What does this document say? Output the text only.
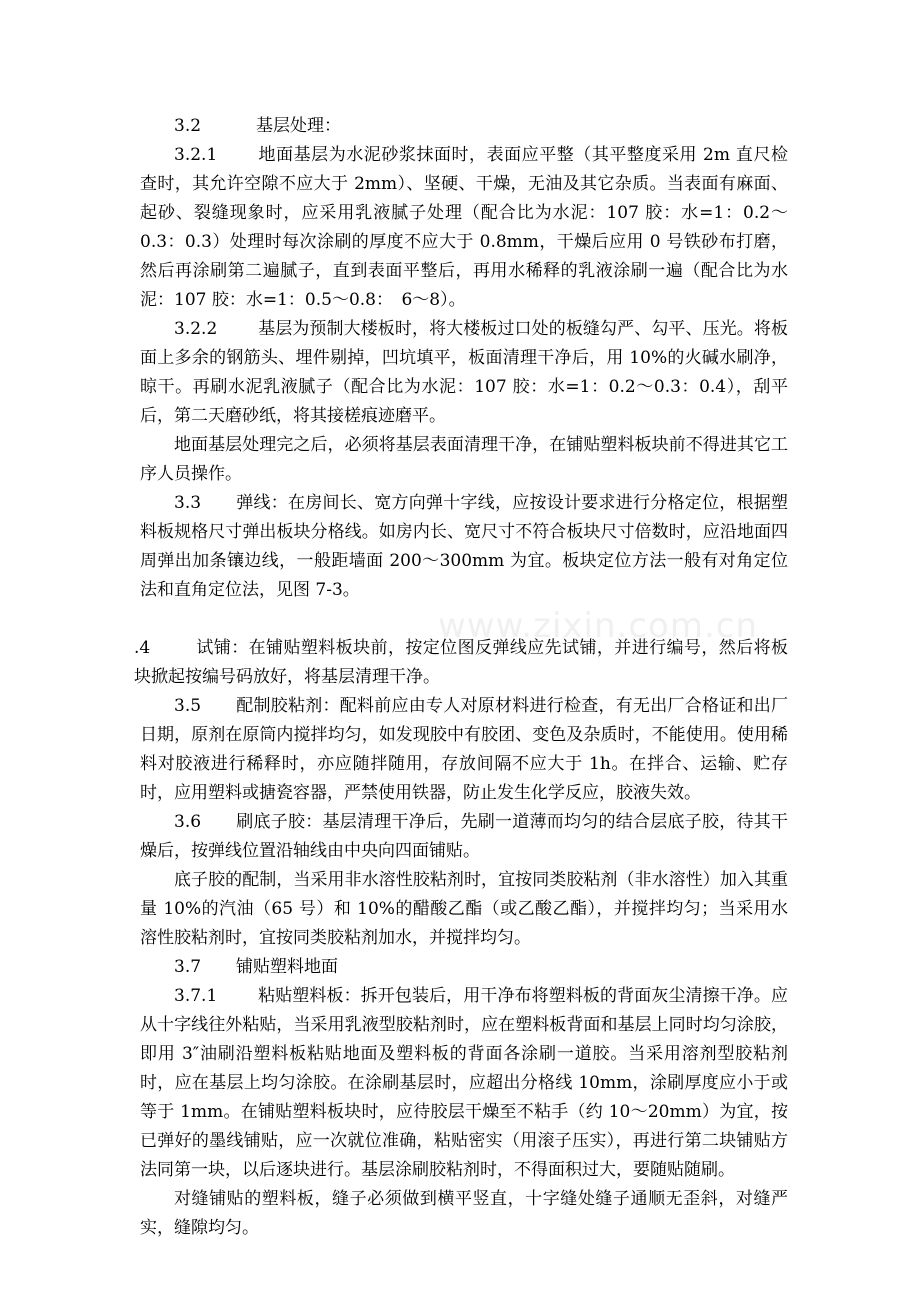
www.zixin.com.cn

3.2	基层处理：

3.2.1 地面基层为水泥砂浆抹面时，表面应平整（其平整度采用 2m 直尺检查时，其允许空隙不应大于 2mm）、坚硬、干燥，无油及其它杂质。当表面有麻面、起砂、裂缝现象时，应采用乳液腻子处理（配合比为水泥：107 胶：水=1：0.2～0.3：0.3）处理时每次涂刷的厚度不应大于 0.8mm，干燥后应用 0 号铁砂布打磨，然后再涂刷第二遍腻子，直到表面平整后，再用水稀释的乳液涂刷一遍（配合比为水泥：107 胶：水=1：0.5～0.8：　6～8）。

3.2.2 基层为预制大楼板时，将大楼板过口处的板缝勾严、勾平、压光。将板面上多余的钢筋头、埋件剔掉，凹坑填平，板面清理干净后，用 10%的火碱水刷净，晾干。再刷水泥乳液腻子（配合比为水泥：107 胶：水=1：0.2～0.3：0.4），刮平后，第二天磨砂纸，将其接槎痕迹磨平。

地面基层处理完之后，必须将基层表面清理干净，在铺贴塑料板块前不得进其它工序人员操作。

3.3 弹线：在房间长、宽方向弹十字线，应按设计要求进行分格定位，根据塑料板规格尺寸弹出板块分格线。如房内长、宽尺寸不符合板块尺寸倍数时，应沿地面四周弹出加条镶边线，一般距墙面 200～300mm 为宜。板块定位方法一般有对角定位法和直角定位法，见图 7-3。

.4	试铺：在铺贴塑料板块前，按定位图反弹线应先试铺，并进行编号，然后将板块掀起按编号码放好，将基层清理干净。

3.5 配制胶粘剂：配料前应由专人对原材料进行检查，有无出厂合格证和出厂日期，原剂在原筒内搅拌均匀，如发现胶中有胶团、变色及杂质时，不能使用。使用稀料对胶液进行稀释时，亦应随拌随用，存放间隔不应大于 1h。在拌合、运输、贮存时，应用塑料或搪瓷容器，严禁使用铁器，防止发生化学反应，胶液失效。

3.6 刷底子胶：基层清理干净后，先刷一道薄而均匀的结合层底子胶，待其干燥后，按弹线位置沿轴线由中央向四面铺贴。

底子胶的配制，当采用非水溶性胶粘剂时，宜按同类胶粘剂（非水溶性）加入其重量 10%的汽油（65 号）和 10%的醋酸乙酯（或乙酸乙酯），并搅拌均匀；当采用水溶性胶粘剂时，宜按同类胶粘剂加水，并搅拌均匀。

3.7 铺贴塑料地面

3.7.1 粘贴塑料板：拆开包装后，用干净布将塑料板的背面灰尘清擦干净。应从十字线往外粘贴，当采用乳液型胶粘剂时，应在塑料板背面和基层上同时均匀涂胶，即用 3″油刷沿塑料板粘贴地面及塑料板的背面各涂刷一道胶。当采用溶剂型胶粘剂时，应在基层上均匀涂胶。在涂刷基层时，应超出分格线 10mm，涂刷厚度应小于或等于 1mm。在铺贴塑料板块时，应待胶层干燥至不粘手（约 10～20mm）为宜，按已弹好的墨线铺贴，应一次就位准确，粘贴密实（用滚子压实），再进行第二块铺贴方法同第一块，以后逐块进行。基层涂刷胶粘剂时，不得面积过大，要随贴随刷。

对缝铺贴的塑料板，缝子必须做到横平竖直，十字缝处缝子通顺无歪斜，对缝严实，缝隙均匀。
